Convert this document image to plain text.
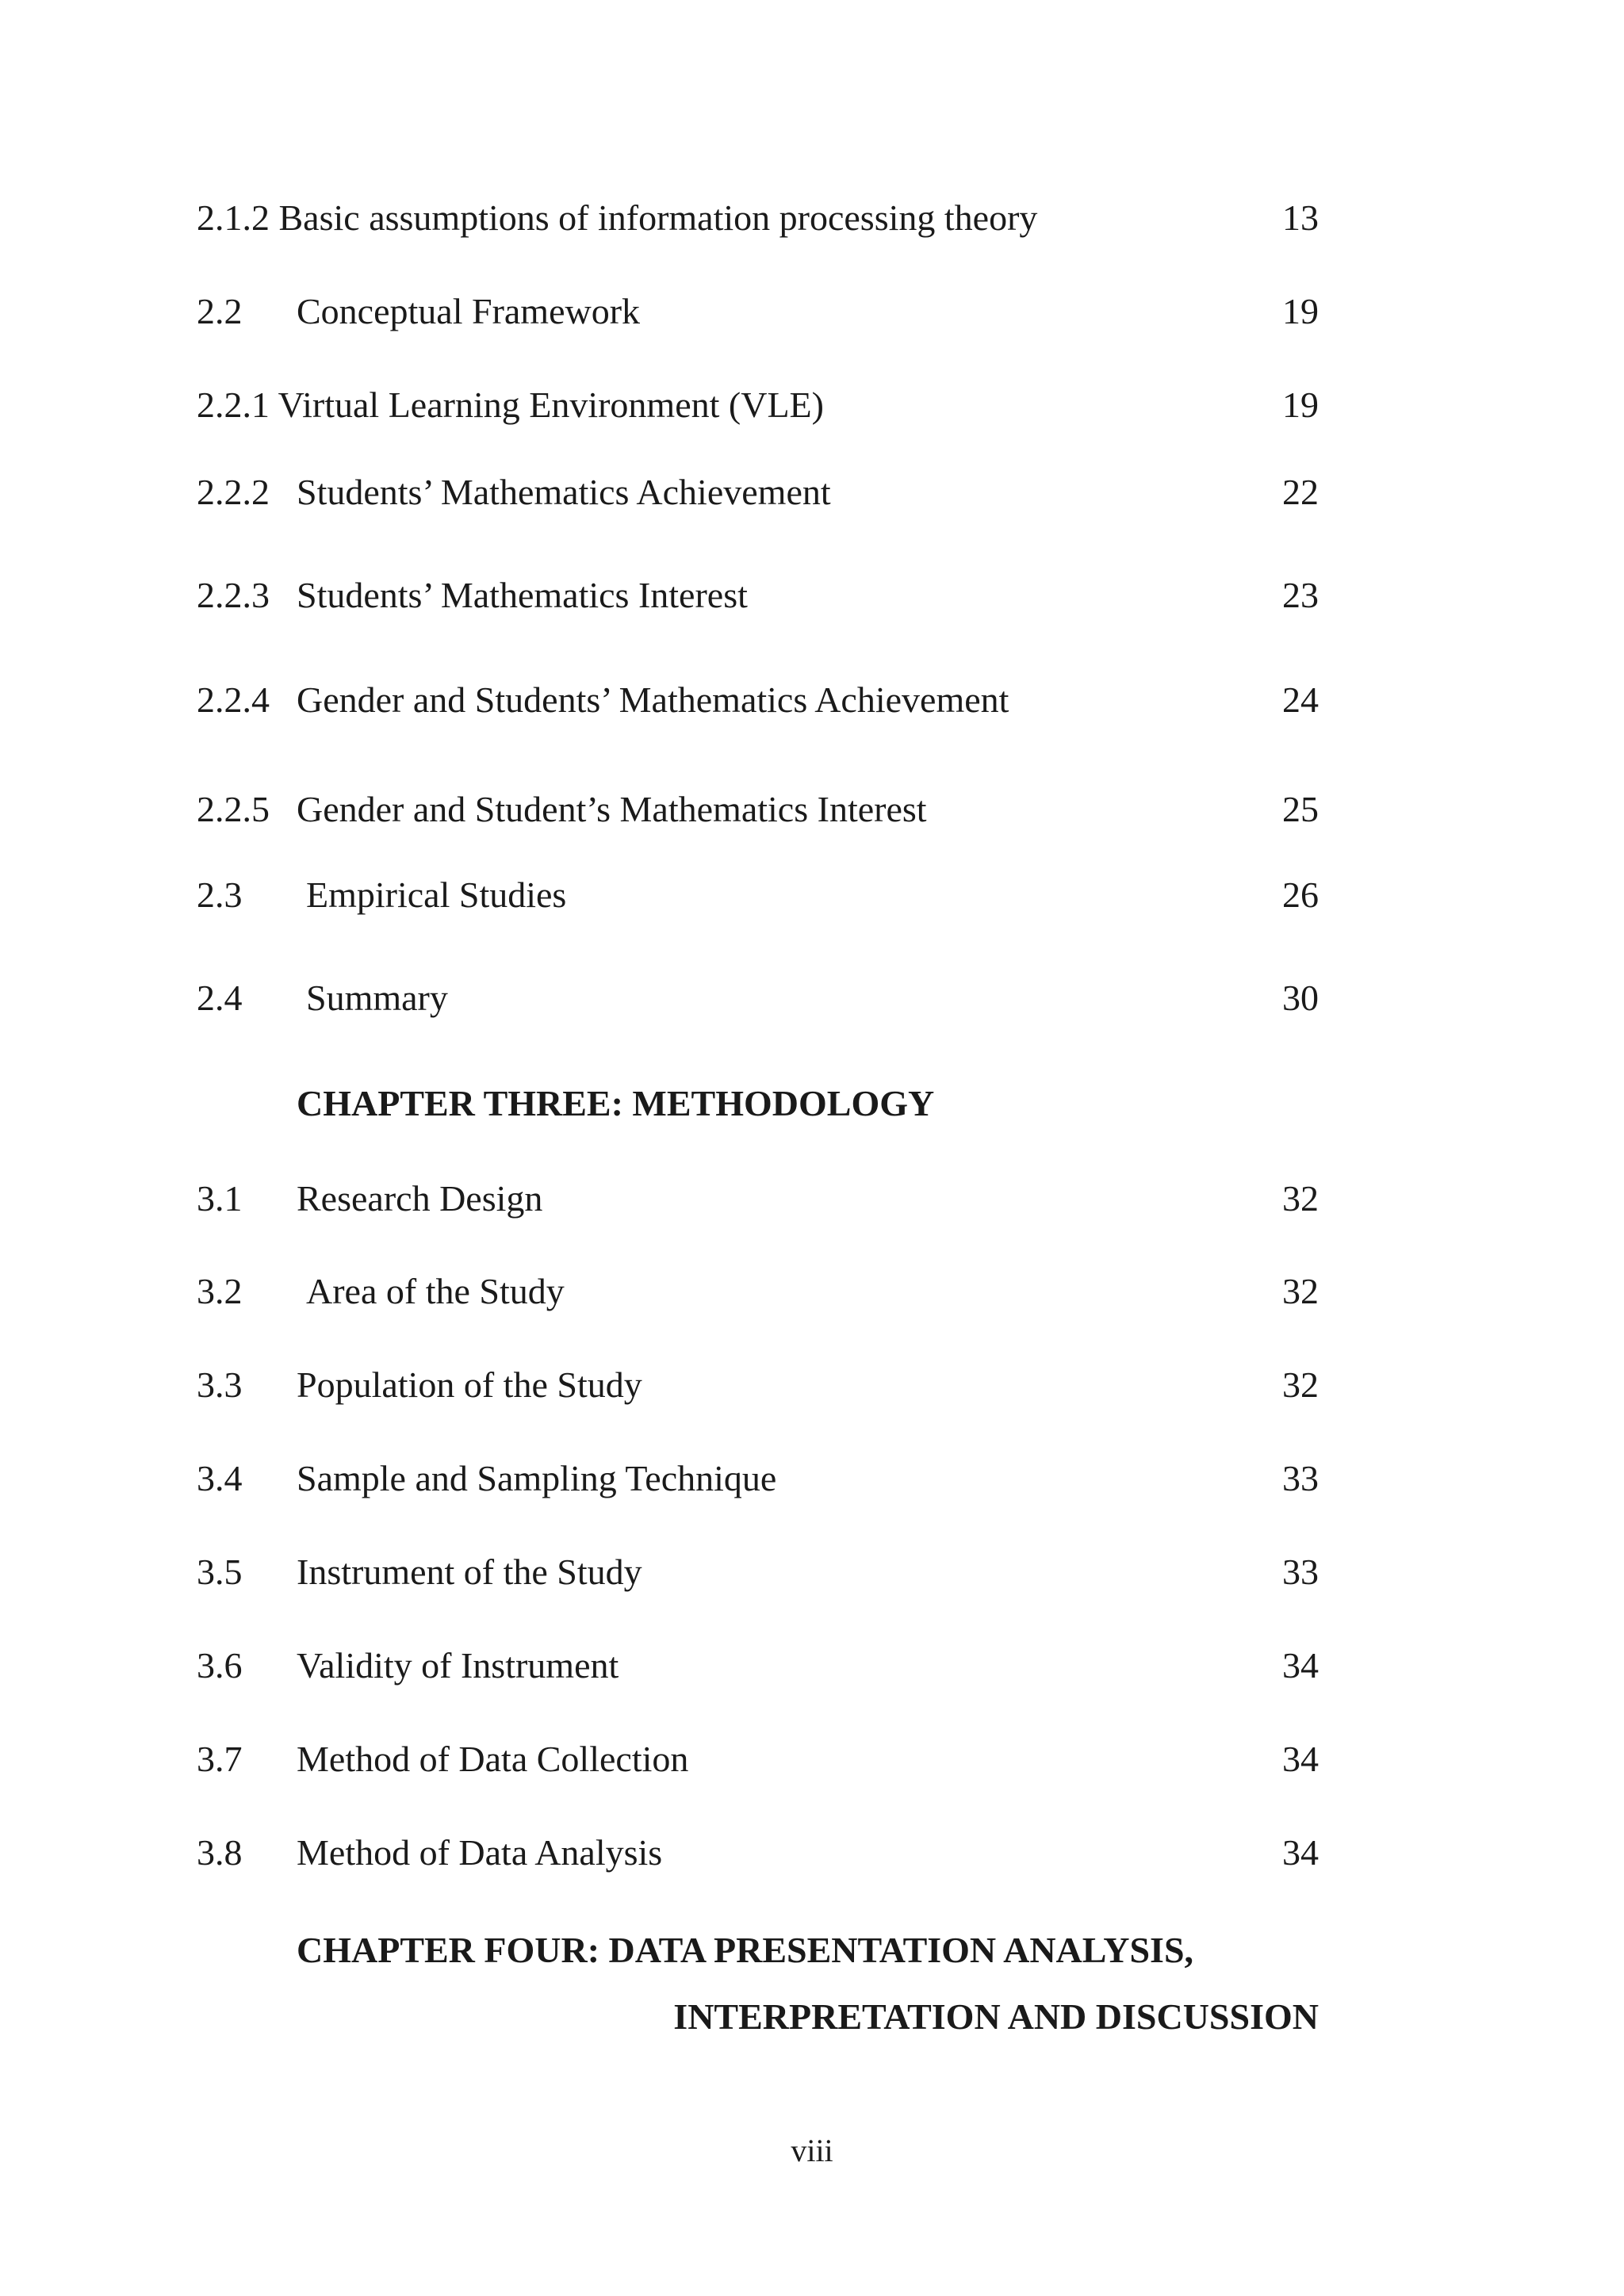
2.1.2 Basic assumptions of information processing theory	13
2.2 Conceptual Framework	19
2.2.1 Virtual Learning Environment (VLE)	19
2.2.2 Students’ Mathematics Achievement	22
2.2.3 Students’ Mathematics Interest	23
2.2.4 Gender and Students’ Mathematics Achievement	24
2.2.5 Gender and Student’s Mathematics Interest	25
2.3 Empirical Studies	26
2.4 Summary	30
CHAPTER THREE: METHODOLOGY
3.1 Research Design	32
3.2 Area of the Study	32
3.3 Population of the Study	32
3.4 Sample and Sampling Technique	33
3.5 Instrument of the Study	33
3.6 Validity of Instrument	34
3.7 Method of Data Collection	34
3.8 Method of Data Analysis	34
CHAPTER FOUR: DATA PRESENTATION ANALYSIS,
INTERPRETATION AND DISCUSSION
viii
